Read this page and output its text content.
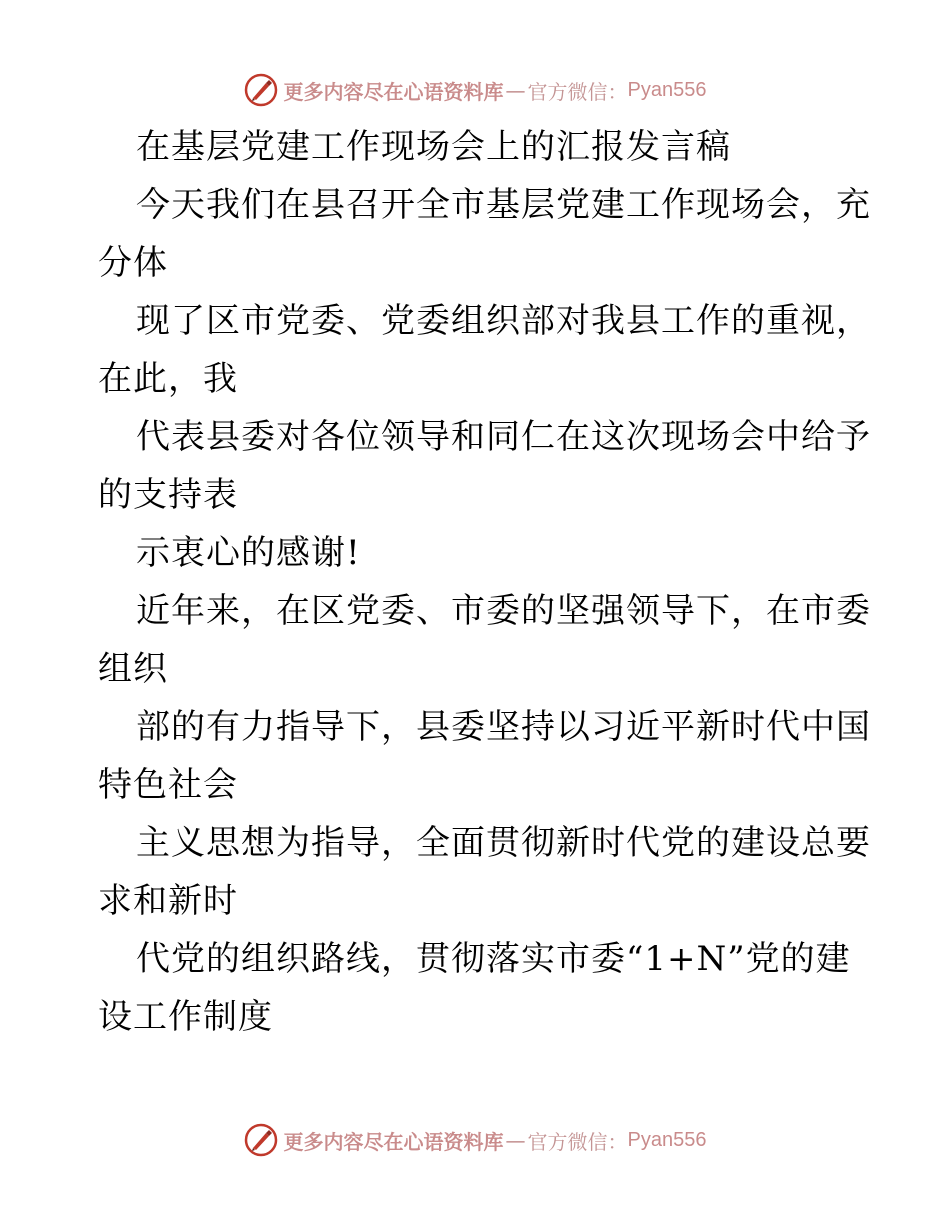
更多内容尽在心语资料库 — 官方微信： Pyan556
在基层党建工作现场会上的汇报发言稿
今天我们在县召开全市基层党建工作现场会，充
分体
现了区市党委、党委组织部对我县工作的重视，
在此，我
代表县委对各位领导和同仁在这次现场会中给予
的支持表
示衷心的感谢!
近年来，在区党委、市委的坚强领导下，在市委
组织
部的有力指导下，县委坚持以习近平新时代中国
特色社会
主义思想为指导，全面贯彻新时代党的建设总要
求和新时
代党的组织路线，贯彻落实市委“1+N”党的建
设工作制度
更多内容尽在心语资料库 — 官方微信： Pyan556
